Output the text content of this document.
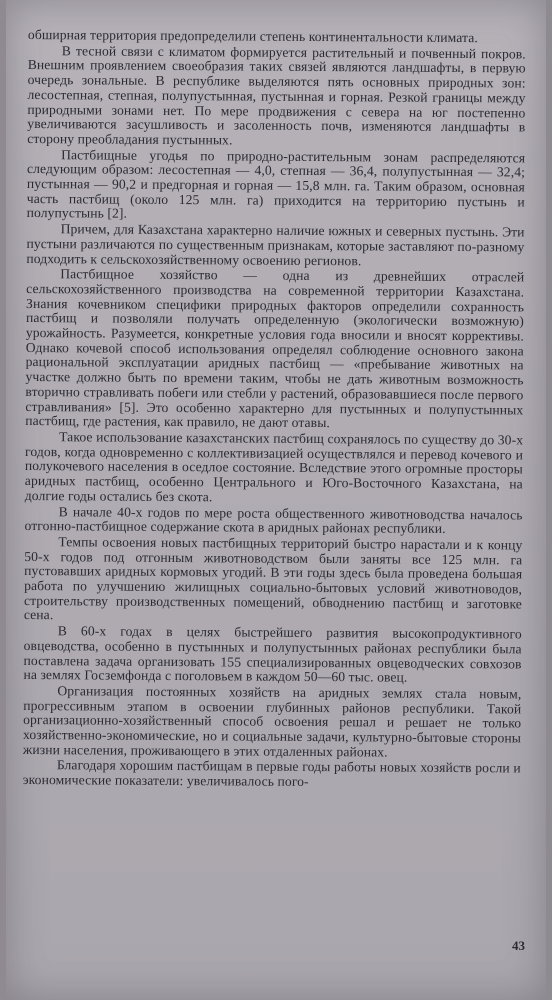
обширная территория предопределили степень континентальности климата.

В тесной связи с климатом формируется растительный и почвенный покров. Внешним проявлением своеобразия таких связей являются ландшафты, в первую очередь зональные. В республике выделяются пять основных природных зон: лесостепная, степная, полупустынная, пустынная и горная. Резкой границы между природными зонами нет. По мере продвижения с севера на юг постепенно увеличиваются засушливость и засоленность почв, изменяются ландшафты в сторону преобладания пустынных.

Пастбищные угодья по природно-растительным зонам распределяются следующим образом: лесостепная — 4,0, степная — 36,4, полупустынная — 32,4; пустынная — 90,2 и предгорная и горная — 15,8 млн. га. Таким образом, основная часть пастбищ (около 125 млн. га) приходится на территорию пустынь и полупустынь [2].

Причем, для Казахстана характерно наличие южных и северных пустынь. Эти пустыни различаются по существенным признакам, которые заставляют по-разному подходить к сельскохозяйственному освоению регионов.

Пастбищное хозяйство — одна из древнейших отраслей сельскохозяйственного производства на современной территории Казахстана. Знания кочевником специфики природных факторов определили сохранность пастбищ и позволяли получать определенную (экологически возможную) урожайность. Разумеется, конкретные условия года вносили и вносят коррективы. Однако кочевой способ использования определял соблюдение основного закона рациональной эксплуатации аридных пастбищ — «пребывание животных на участке должно быть по времени таким, чтобы не дать животным возможность вторично стравливать побеги или стебли у растений, образовавшиеся после первого стравливания» [5]. Это особенно характерно для пустынных и полупустынных пастбищ, где растения, как правило, не дают отавы.

Такое использование казахстанских пастбищ сохранялось по существу до 30-х годов, когда одновременно с коллективизацией осуществлялся и перевод кочевого и полукочевого населения в оседлое состояние. Вследствие этого огромные просторы аридных пастбищ, особенно Центрального и Юго-Восточного Казахстана, на долгие годы остались без скота.

В начале 40-х годов по мере роста общественного животноводства началось отгонно-пастбищное содержание скота в аридных районах республики.

Темпы освоения новых пастбищных территорий быстро нарастали и к концу 50-х годов под отгонным животноводством были заняты все 125 млн. га пустовавших аридных кормовых угодий. В эти годы здесь была проведена большая работа по улучшению жилищных социально-бытовых условий животноводов, строительству производственных помещений, обводнению пастбищ и заготовке сена.

В 60-х годах в целях быстрейшего развития высокопродуктивного овцеводства, особенно в пустынных и полупустынных районах республики была поставлена задача организовать 155 специализированных овцеводческих совхозов на землях Госземфонда с поголовьем в каждом 50—60 тыс. овец.

Организация постоянных хозяйств на аридных землях стала новым, прогрессивным этапом в освоении глубинных районов республики. Такой организационно-хозяйственный способ освоения решал и решает не только хозяйственно-экономические, но и социальные задачи, культурно-бытовые стороны жизни населения, проживающего в этих отдаленных районах.

Благодаря хорошим пастбищам в первые годы работы новых хозяйств росли и экономические показатели: увеличивалось пого-

43
